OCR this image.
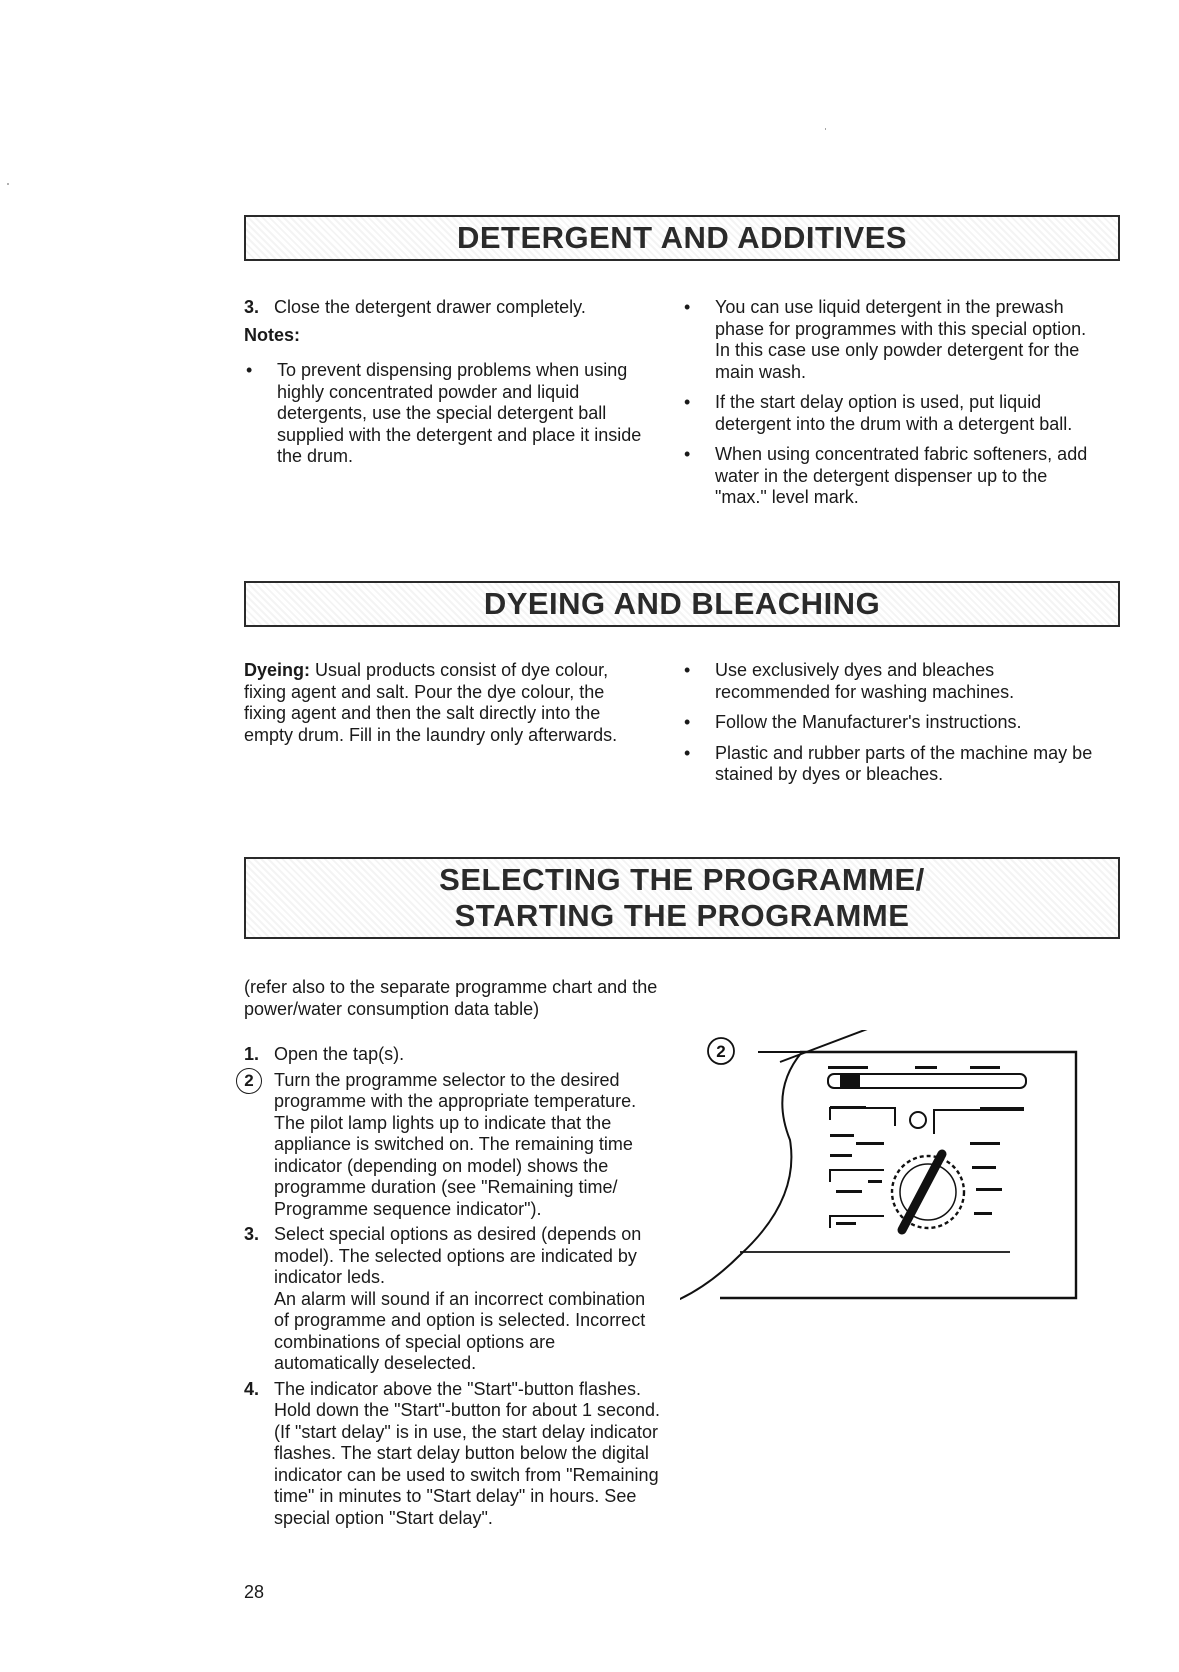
DETERGENT AND ADDITIVES
3. Close the detergent drawer completely.
Notes:
• To prevent dispensing problems when using highly concentrated powder and liquid detergents, use the special detergent ball supplied with the detergent and place it inside the drum.
• You can use liquid detergent in the prewash phase for programmes with this special option. In this case use only powder detergent for the main wash.
• If the start delay option is used, put liquid detergent into the drum with a detergent ball.
• When using concentrated fabric softeners, add water in the detergent dispenser up to the "max." level mark.
DYEING AND BLEACHING

Dyeing: Usual products consist of dye colour, fixing agent and salt. Pour the dye colour, the fixing agent and then the salt directly into the empty drum. Fill in the laundry only afterwards.

• Use exclusively dyes and bleaches recommended for washing machines.
• Follow the Manufacturer's instructions.
• Plastic and rubber parts of the machine may be stained by dyes or bleaches.
SELECTING THE PROGRAMME/
STARTING THE PROGRAMME

(refer also to the separate programme chart and the power/water consumption data table)

1. Open the tap(s).
2	Turn the programme selector to the desired programme with the appropriate temperature. The pilot lamp lights up to indicate that the appliance is switched on. The remaining time indicator (depending on model) shows the programme duration (see "Remaining time/ Programme sequence indicator").
3. Select special options as desired (depends on model). The selected options are indicated by indicator leds.
An alarm will sound if an incorrect combination of programme and option is selected. Incorrect combinations of special options are automatically deselected.
4. The indicator above the "Start"-button flashes. Hold down the "Start"-button for about 1 second. (If "start delay" is in use, the start delay indicator flashes. The start delay button below the digital indicator can be used to switch from "Remaining time" in minutes to "Start delay" in hours. See special option "Start delay".
2
28
